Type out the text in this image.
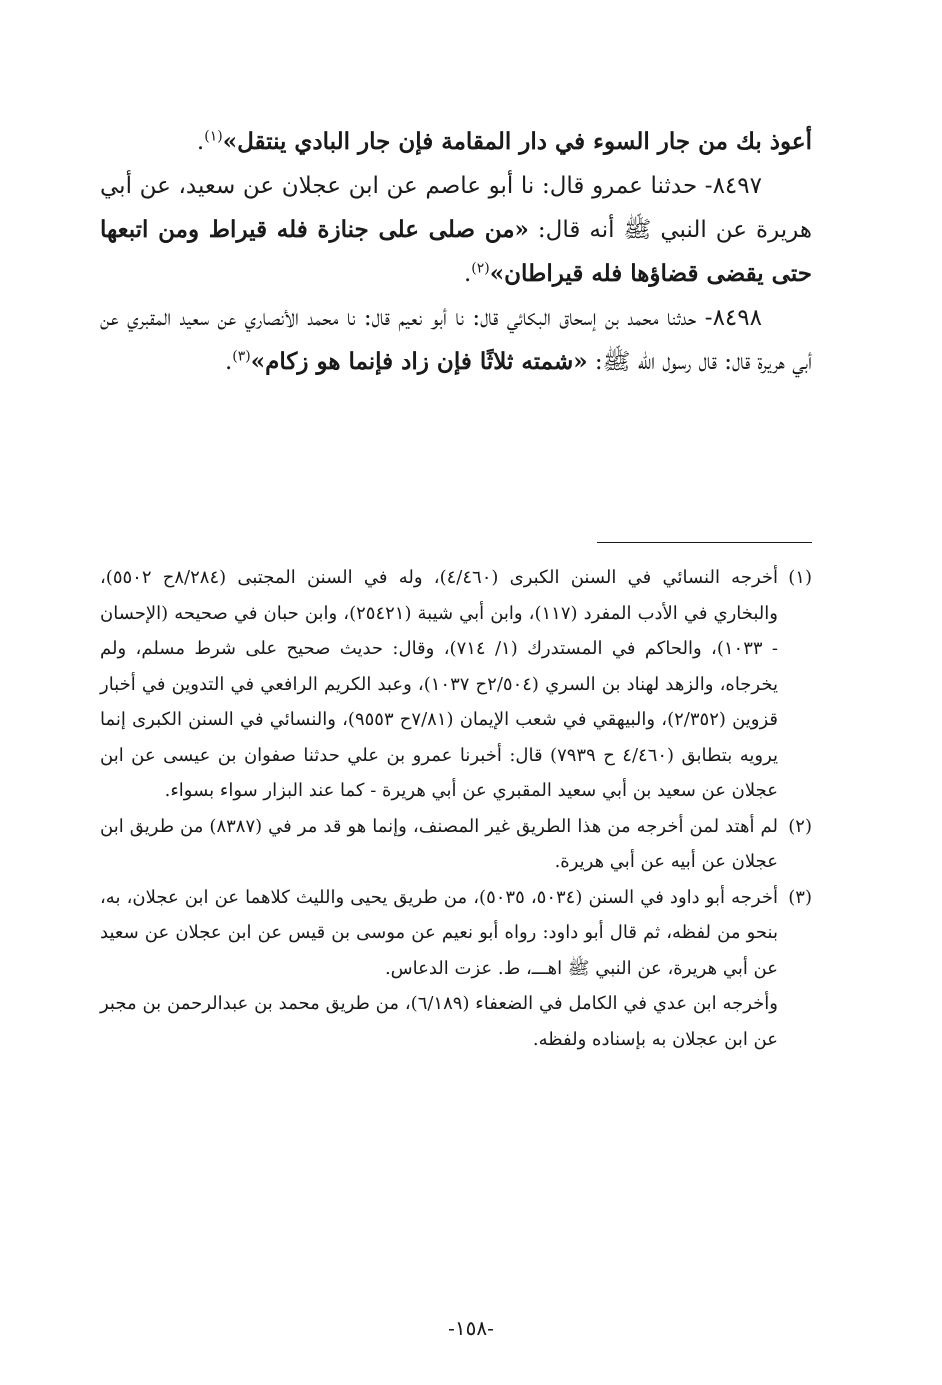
أعوذ بك من جار السوء في دار المقامة فإن جار البادي ينتقل»$^{(١)}$.

٨٤٩٧- حدثنا عمرو قال: نا أبو عاصم عن ابن عجلان عن سعيد، عن أبي هريرة عن النبي ﷺ أنه قال: «من صلى على جنازة فله قيراط ومن اتبعها حتى يقضى قضاؤها فله قيراطان»$^{(٢)}$.

٨٤٩٨- حدثنا محمد بن إسحاق البكائي قال: نا أبو نعيم قال: نا محمد الأنصاري عن سعيد المقبري عن أبي هريرة قال: قال رسول الله ﷺ: «شمته ثلاثًا فإن زاد فإنما هو زكام»$^{(٣)}$.

(١)
أخرجه النسائي في السنن الكبرى (٤/٤٦٠)، وله في السنن المجتبى (٨/٢٨٤ح ٥٥٠٢)، والبخاري في الأدب المفرد (١١٧)، وابن أبي شيبة (٢٥٤٢١)، وابن حبان في صحيحه (الإحسان - ١٠٣٣)، والحاكم في المستدرك (١/ ٧١٤)، وقال: حديث صحيح على شرط مسلم، ولم يخرجاه، والزهد لهناد بن السري (٢/٥٠٤ح ١٠٣٧)، وعبد الكريم الرافعي في التدوين في أخبار قزوين (٢/٣٥٢)، والبيهقي في شعب الإيمان (٧/٨١ح ٩٥٥٣)، والنسائي في السنن الكبرى إنما يرويه بتطابق (٤/٤٦٠ ح ٧٩٣٩) قال: أخبرنا عمرو بن علي حدثنا صفوان بن عيسى عن ابن عجلان عن سعيد بن أبي سعيد المقبري عن أبي هريرة - كما عند البزار سواء بسواء.

(٢)
لم أهتد لمن أخرجه من هذا الطريق غير المصنف، وإنما هو قد مر في (٨٣٨٧) من طريق ابن عجلان عن أبيه عن أبي هريرة.

(٣)
أخرجه أبو داود في السنن (٥٠٣٤، ٥٠٣٥)، من طريق يحيى والليث كلاهما عن ابن عجلان، به، بنحو من لفظه، ثم قال أبو داود: رواه أبو نعيم عن موسى بن قيس عن ابن عجلان عن سعيد عن أبي هريرة، عن النبي ﷺ اهـــ، ط. عزت الدعاس.

وأخرجه ابن عدي في الكامل في الضعفاء (٦/١٨٩)، من طريق محمد بن عبدالرحمن بن مجبر عن ابن عجلان به بإسناده ولفظه.

-١٥٨-
